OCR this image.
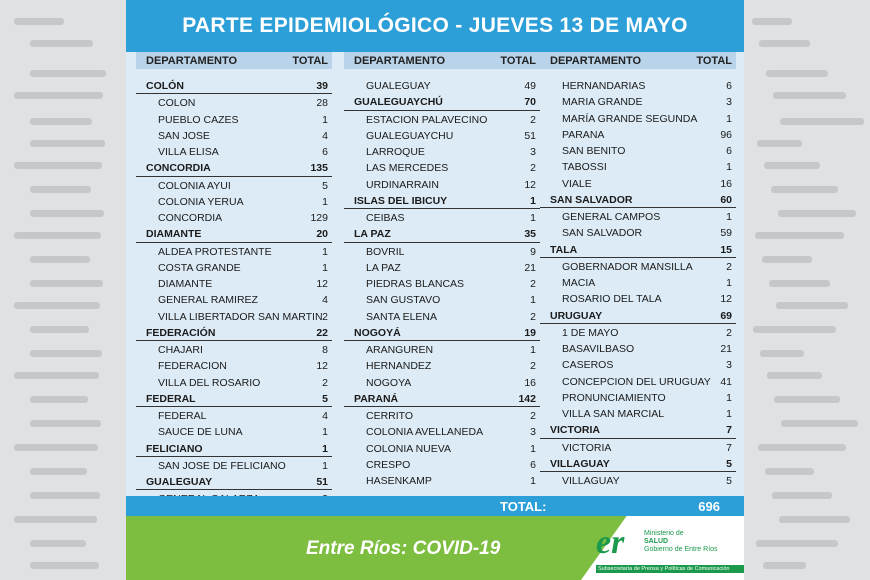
PARTE EPIDEMIOLÓGICO - JUEVES 13 DE MAYO
DEPARTAMENTO	TOTAL
COLÓN	39
COLON	28
PUEBLO CAZES	1
SAN JOSE	4
VILLA ELISA	6
CONCORDIA	135
COLONIA AYUI	5
COLONIA YERUA	1
CONCORDIA	129
DIAMANTE	20
ALDEA PROTESTANTE	1
COSTA GRANDE	1
DIAMANTE	12
GENERAL RAMIREZ	4
VILLA LIBERTADOR SAN MARTIN 2
FEDERACIÓN	22
CHAJARI	8
FEDERACION	12
VILLA DEL ROSARIO	2
FEDERAL	5
FEDERAL	4
SAUCE DE LUNA	1
FELICIANO	1
SAN JOSE DE FELICIANO	1
GUALEGUAY	51
DEPARTAMENTO	TOTAL
GUALEGUAY	49
GUALEGUAYCHÚ	70
ESTACION PALAVECINO	2
GUALEGUAYCHU	51
LARROQUE	3
LAS MERCEDES	2
URDINARRAIN	12
ISLAS DEL IBICUY	1
CEIBAS	1
LA PAZ	35
BOVRIL	9
LA PAZ	21
PIEDRAS BLANCAS	2
SAN GUSTAVO	1
SANTA ELENA	2
NOGOYÁ	19
ARANGUREN	1
HERNANDEZ	2
NOGOYA	16
PARANÁ	142
CERRITO	2
COLONIA AVELLANEDA	3
COLONIA NUEVA	1
CRESPO	6
HASENKAMP	1
DEPARTAMENTO	TOTAL
HERNANDARIAS	6
MARIA GRANDE	3
MARÍA GRANDE SEGUNDA	1
PARANA	96
SAN BENITO	6
TABOSSI	1
VIALE	16
SAN SALVADOR	60
GENERAL CAMPOS	1
SAN SALVADOR	59
TALA	15
GOBERNADOR MANSILLA	2
MACIA	1
ROSARIO DEL TALA	12
URUGUAY	69
1 DE MAYO	2
BASAVILBASO	21
CASEROS	3
CONCEPCION DEL URUGUAY 41
PRONUNCIAMIENTO	1
VILLA SAN MARCIAL	1
VICTORIA	7
VICTORIA	7
VILLAGUAY	5
VILLAGUAY	5
TOTAL:	696
Entre Ríos: COVID-19	er	Ministerio de
SALUD
Gobierno de Entre Ríos
Subsecretaría de Prensa y Políticas de Comunicación
